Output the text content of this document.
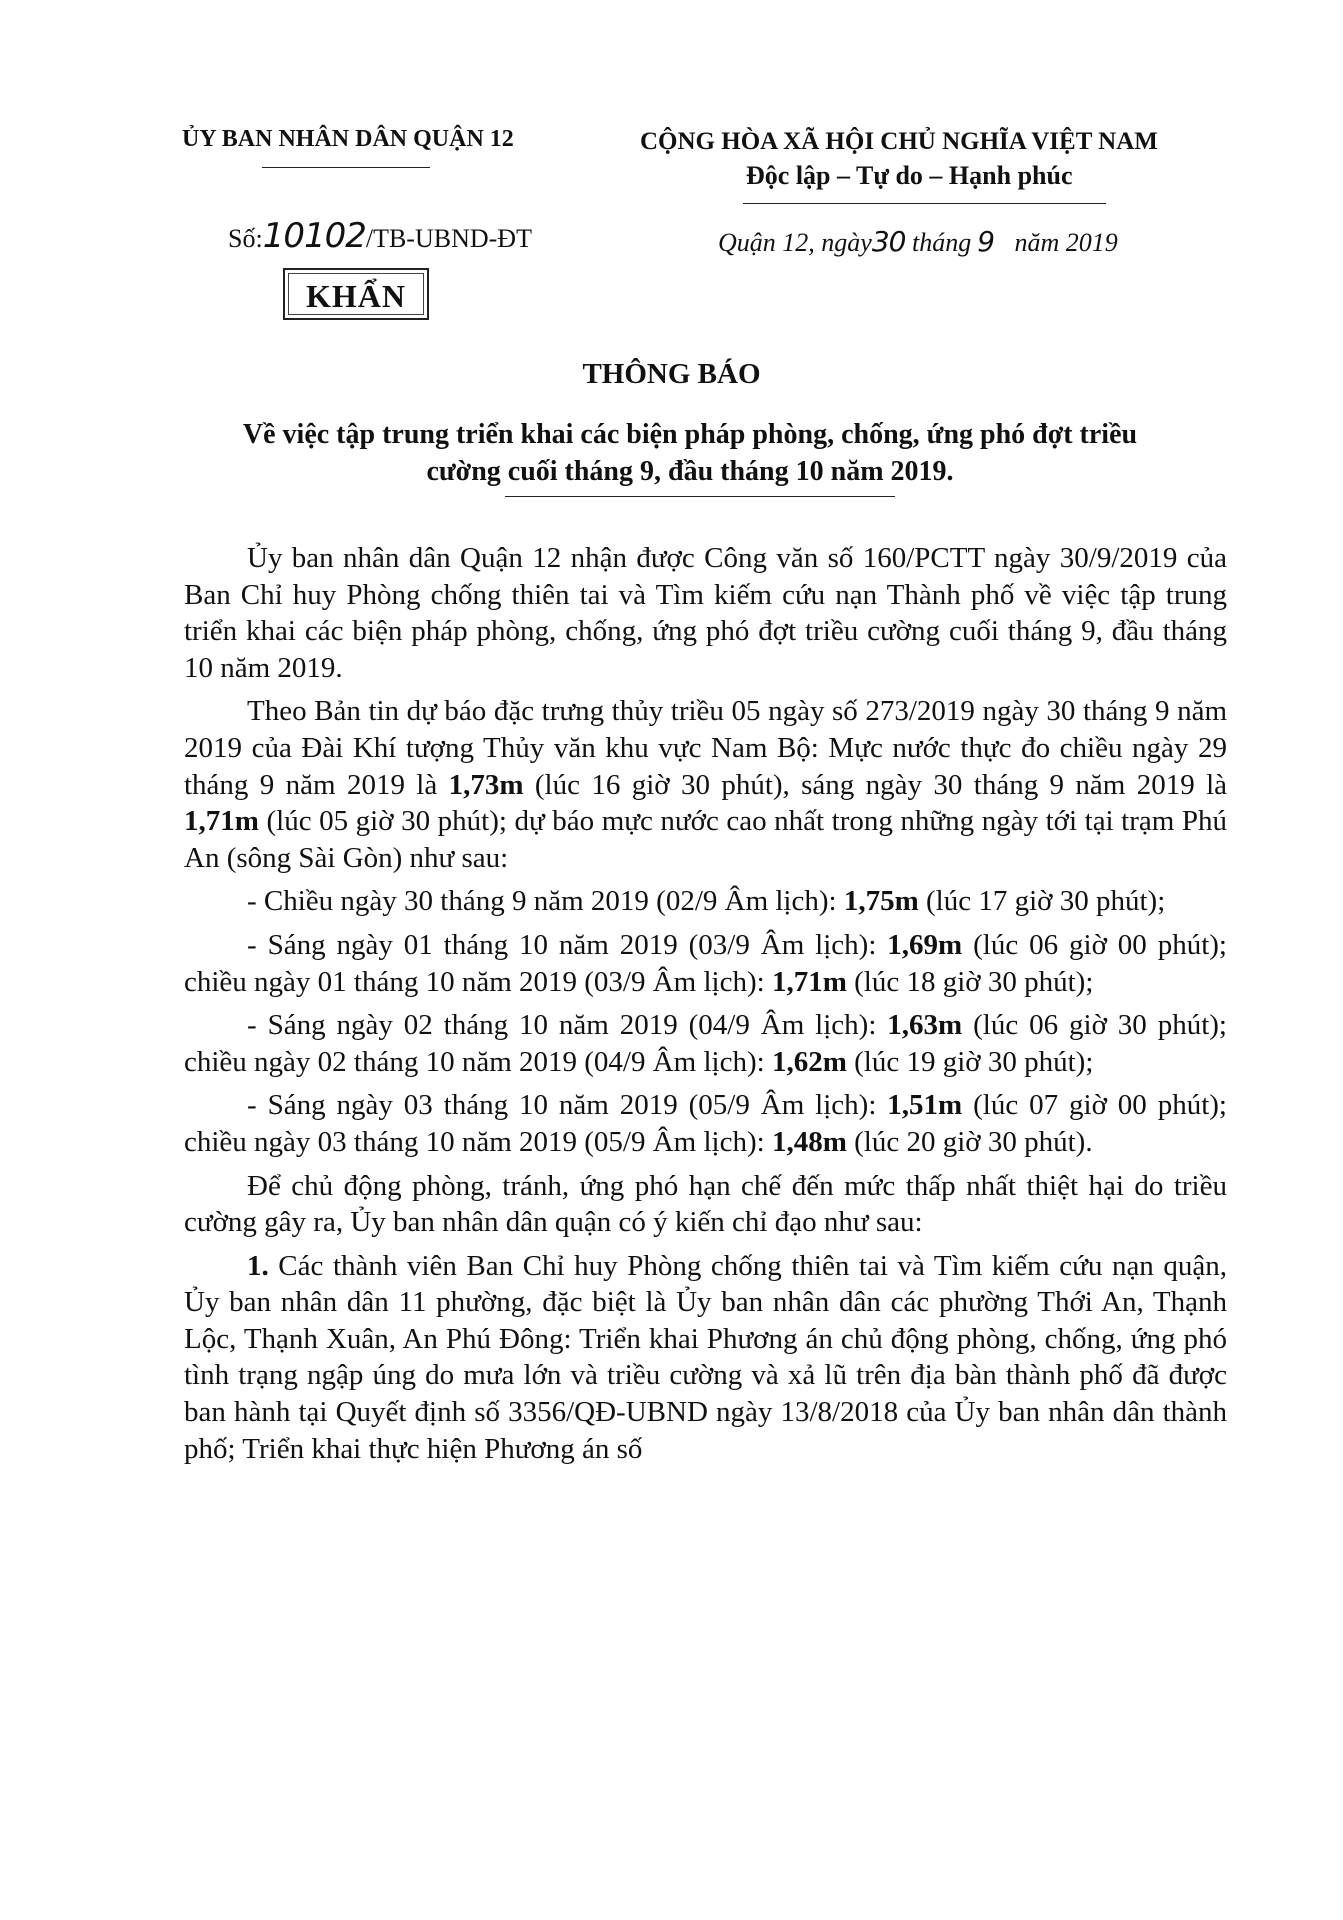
ỦY BAN NHÂN DÂN QUẬN 12	CỘNG HÒA XÃ HỘI CHỦ NGHĨA VIỆT NAM
Độc lập – Tự do – Hạnh phúc
Số:10102/TB-UBND-ĐT
KHẨN
Quận 12, ngày30 tháng 9 năm 2019
THÔNG BÁO
Về việc tập trung triển khai các biện pháp phòng, chống, ứng phó đợt triều
cường cuối tháng 9, đầu tháng 10 năm 2019.

Ủy ban nhân dân Quận 12 nhận được Công văn số 160/PCTT ngày 30/9/2019 của Ban Chỉ huy Phòng chống thiên tai và Tìm kiếm cứu nạn Thành phố về việc tập trung triển khai các biện pháp phòng, chống, ứng phó đợt triều cường cuối tháng 9, đầu tháng 10 năm 2019.

Theo Bản tin dự báo đặc trưng thủy triều 05 ngày số 273/2019 ngày 30 tháng 9 năm 2019 của Đài Khí tượng Thủy văn khu vực Nam Bộ: Mực nước thực đo chiều ngày 29 tháng 9 năm 2019 là 1,73m (lúc 16 giờ 30 phút), sáng ngày 30 tháng 9 năm 2019 là 1,71m (lúc 05 giờ 30 phút); dự báo mực nước cao nhất trong những ngày tới tại trạm Phú An (sông Sài Gòn) như sau:

- Chiều ngày 30 tháng 9 năm 2019 (02/9 Âm lịch): 1,75m (lúc 17 giờ 30 phút);

- Sáng ngày 01 tháng 10 năm 2019 (03/9 Âm lịch): 1,69m (lúc 06 giờ 00 phút); chiều ngày 01 tháng 10 năm 2019 (03/9 Âm lịch): 1,71m (lúc 18 giờ 30 phút);

- Sáng ngày 02 tháng 10 năm 2019 (04/9 Âm lịch): 1,63m (lúc 06 giờ 30 phút); chiều ngày 02 tháng 10 năm 2019 (04/9 Âm lịch): 1,62m (lúc 19 giờ 30 phút);

- Sáng ngày 03 tháng 10 năm 2019 (05/9 Âm lịch): 1,51m (lúc 07 giờ 00 phút); chiều ngày 03 tháng 10 năm 2019 (05/9 Âm lịch): 1,48m (lúc 20 giờ 30 phút).

Để chủ động phòng, tránh, ứng phó hạn chế đến mức thấp nhất thiệt hại do triều cường gây ra, Ủy ban nhân dân quận có ý kiến chỉ đạo như sau:

1. Các thành viên Ban Chỉ huy Phòng chống thiên tai và Tìm kiếm cứu nạn quận, Ủy ban nhân dân 11 phường, đặc biệt là Ủy ban nhân dân các phường Thới An, Thạnh Lộc, Thạnh Xuân, An Phú Đông: Triển khai Phương án chủ động phòng, chống, ứng phó tình trạng ngập úng do mưa lớn và triều cường và xả lũ trên địa bàn thành phố đã được ban hành tại Quyết định số 3356/QĐ-UBND ngày 13/8/2018 của Ủy ban nhân dân thành phố; Triển khai thực hiện Phương án số
